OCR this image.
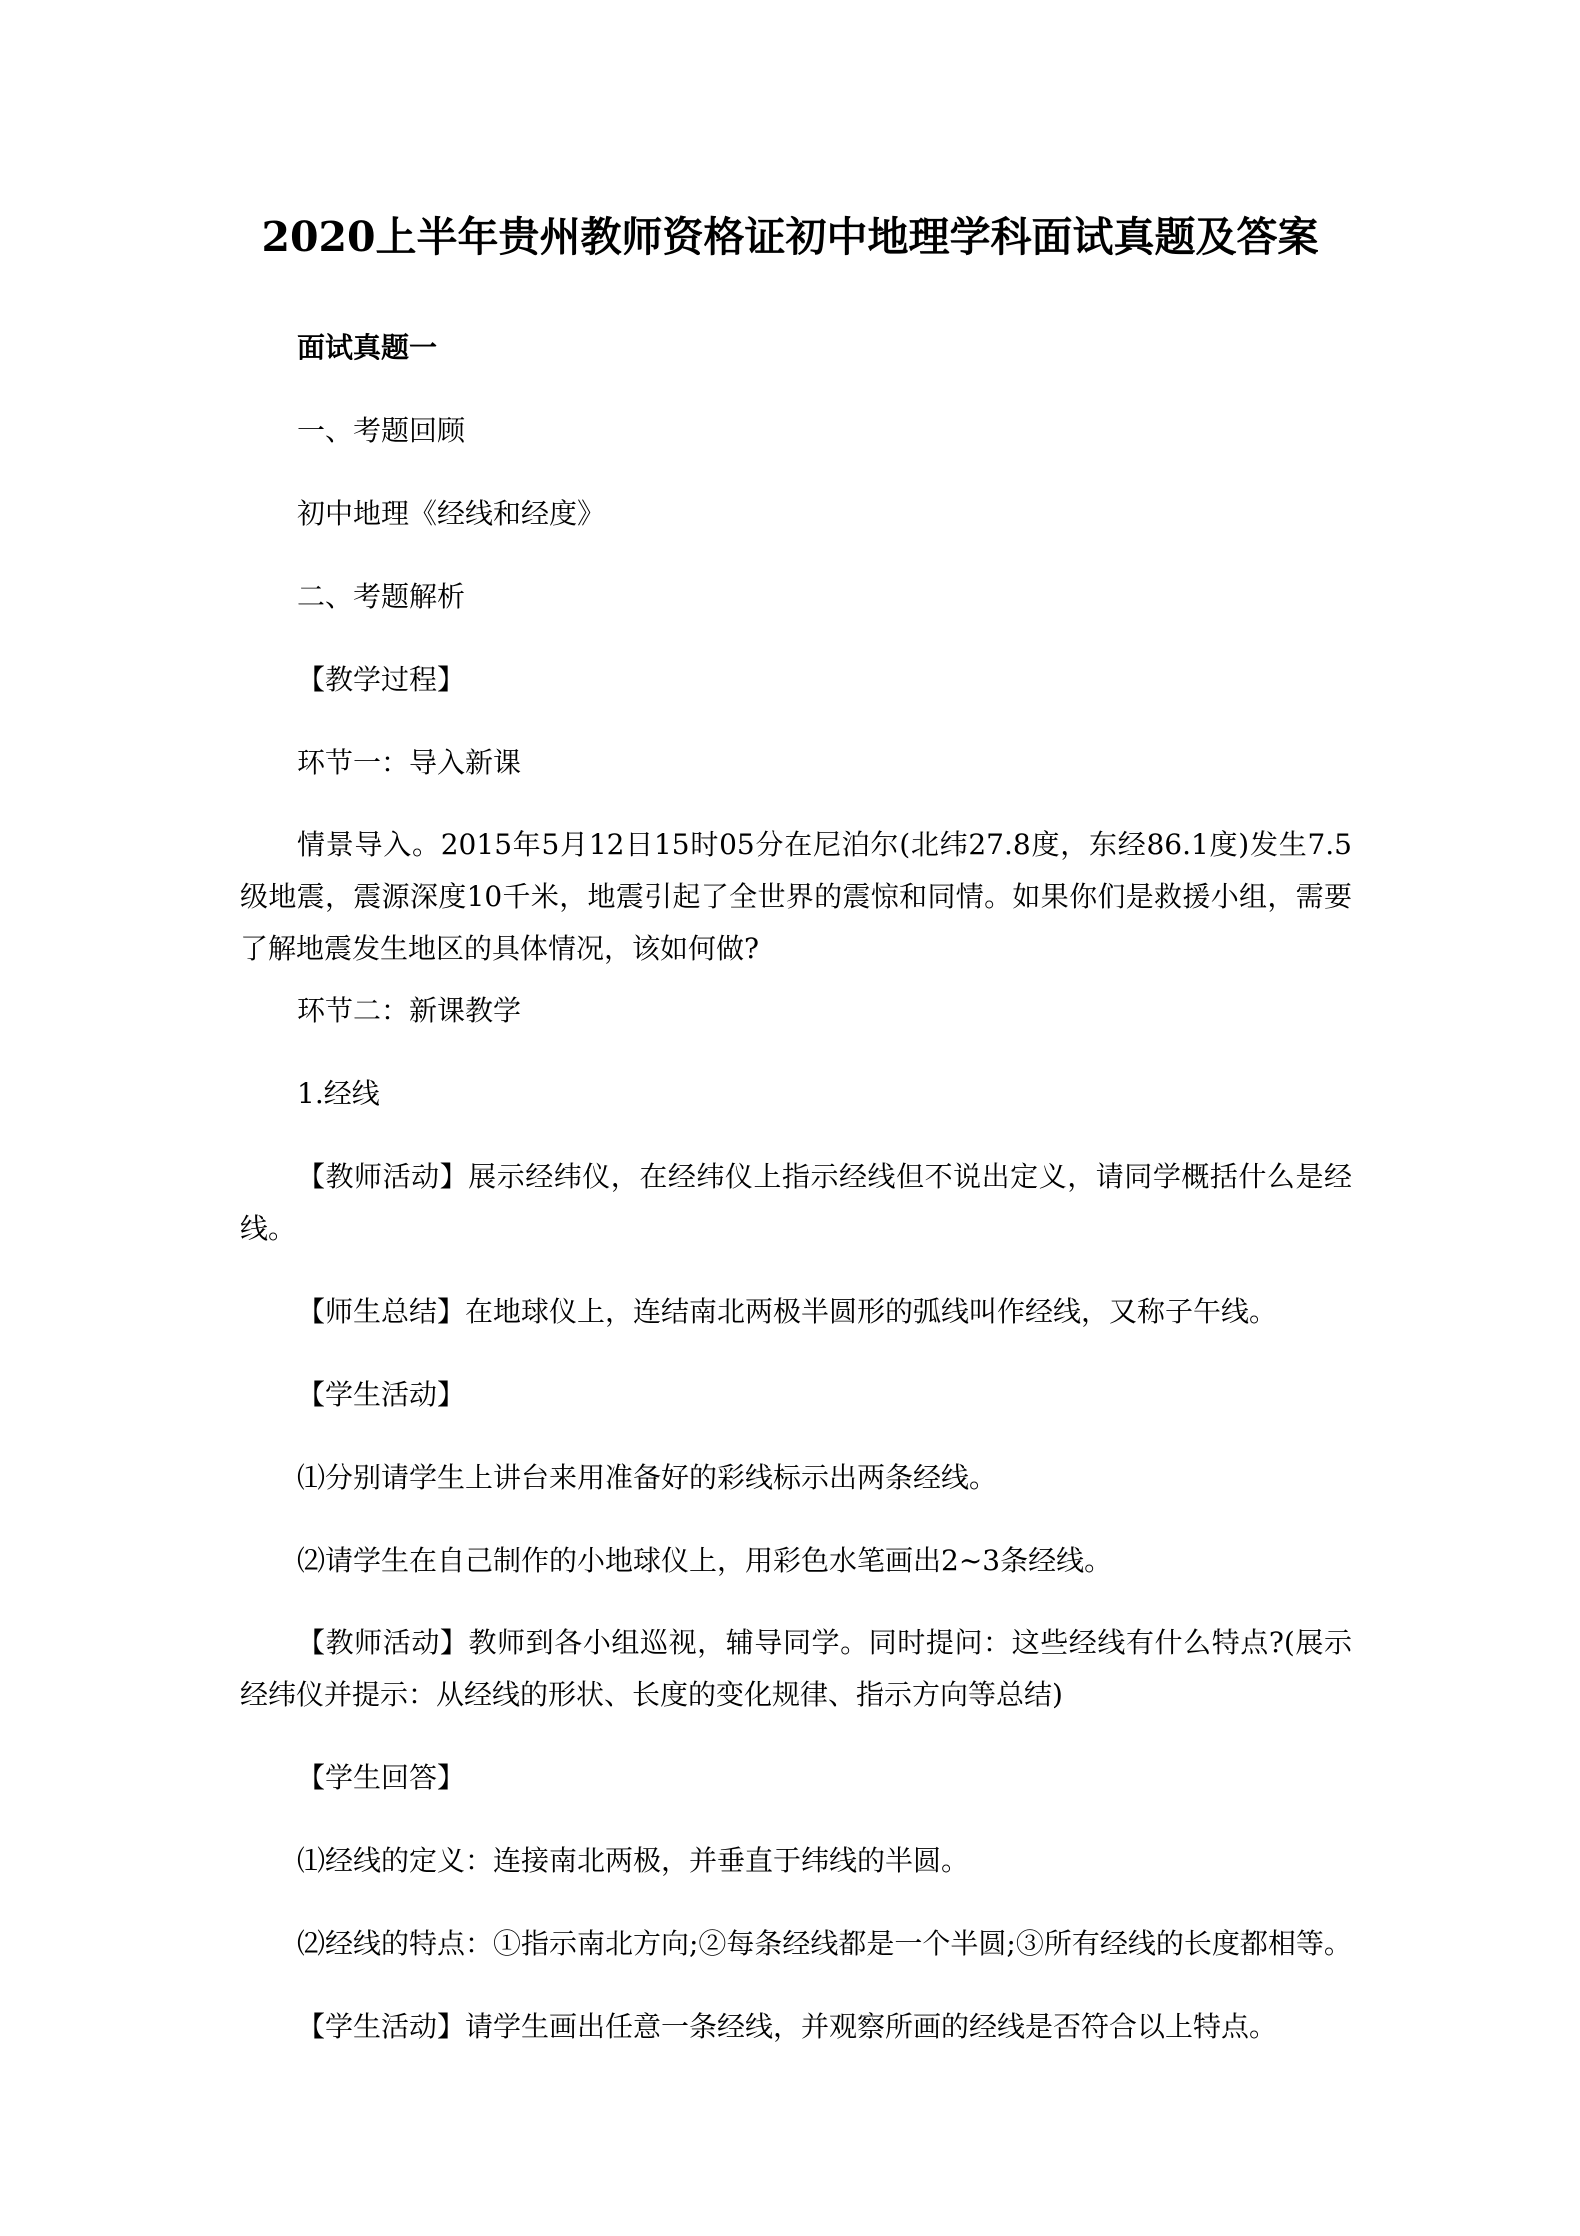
2020上半年贵州教师资格证初中地理学科面试真题及答案

面试真题一

一、考题回顾

初中地理《经线和经度》

二、考题解析

【教学过程】

环节一：导入新课

情景导入。2015年5月12日15时05分在尼泊尔(北纬27.8度，东经86.1度)发生7.5级地震，震源深度10千米，地震引起了全世界的震惊和同情。如果你们是救援小组，需要了解地震发生地区的具体情况，该如何做?

环节二：新课教学

1.经线

【教师活动】展示经纬仪，在经纬仪上指示经线但不说出定义，请同学概括什么是经线。

【师生总结】在地球仪上，连结南北两极半圆形的弧线叫作经线，又称子午线。

【学生活动】

⑴分别请学生上讲台来用准备好的彩线标示出两条经线。

⑵请学生在自己制作的小地球仪上，用彩色水笔画出2~3条经线。

【教师活动】教师到各小组巡视，辅导同学。同时提问：这些经线有什么特点?(展示经纬仪并提示：从经线的形状、长度的变化规律、指示方向等总结)

【学生回答】

⑴经线的定义：连接南北两极，并垂直于纬线的半圆。

⑵经线的特点：①指示南北方向;②每条经线都是一个半圆;③所有经线的长度都相等。

【学生活动】请学生画出任意一条经线，并观察所画的经线是否符合以上特点。
